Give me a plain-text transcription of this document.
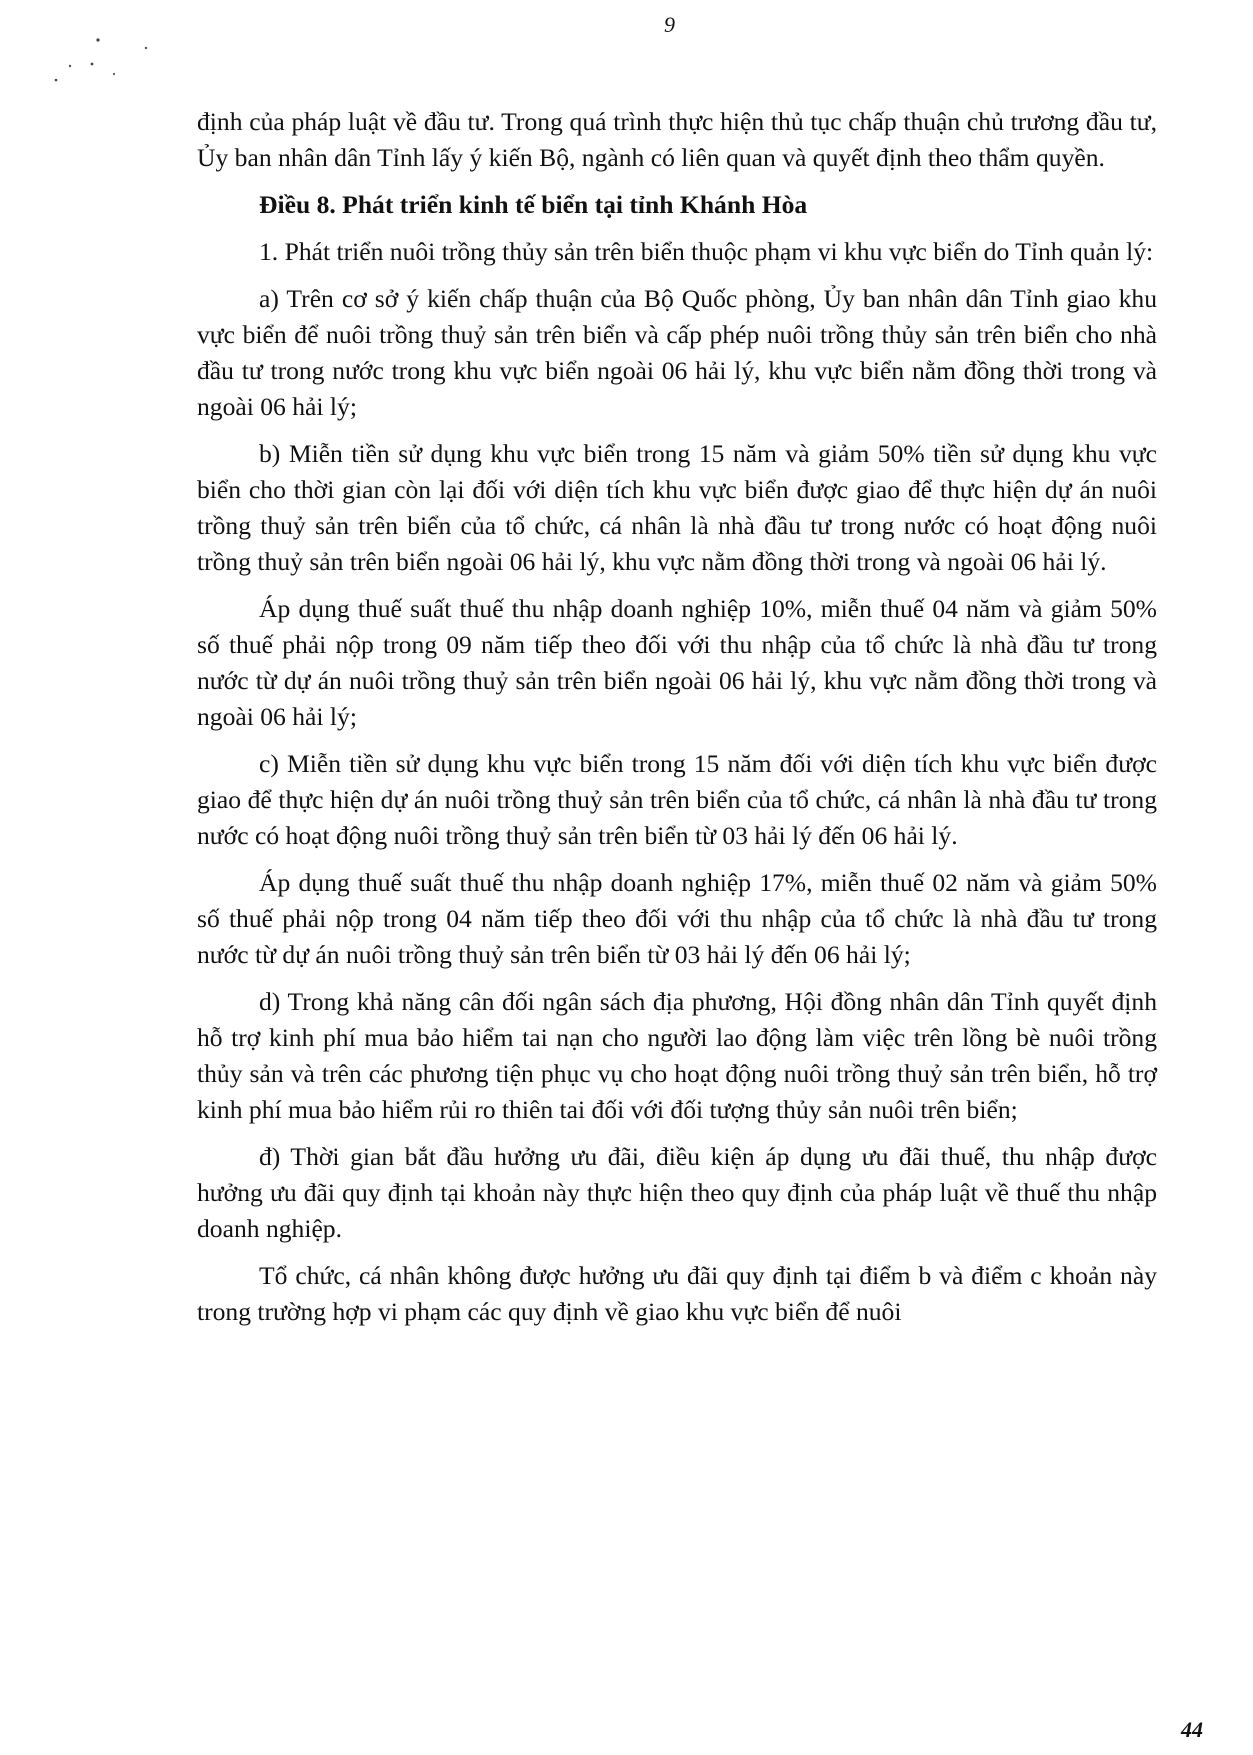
9

định của pháp luật về đầu tư. Trong quá trình thực hiện thủ tục chấp thuận chủ trương đầu tư, Ủy ban nhân dân Tỉnh lấy ý kiến Bộ, ngành có liên quan và quyết định theo thẩm quyền.

Điều 8. Phát triển kinh tế biển tại tỉnh Khánh Hòa

1. Phát triển nuôi trồng thủy sản trên biển thuộc phạm vi khu vực biển do Tỉnh quản lý:

a) Trên cơ sở ý kiến chấp thuận của Bộ Quốc phòng, Ủy ban nhân dân Tỉnh giao khu vực biển để nuôi trồng thuỷ sản trên biển và cấp phép nuôi trồng thủy sản trên biển cho nhà đầu tư trong nước trong khu vực biển ngoài 06 hải lý, khu vực biển nằm đồng thời trong và ngoài 06 hải lý;

b) Miễn tiền sử dụng khu vực biển trong 15 năm và giảm 50% tiền sử dụng khu vực biển cho thời gian còn lại đối với diện tích khu vực biển được giao để thực hiện dự án nuôi trồng thuỷ sản trên biển của tổ chức, cá nhân là nhà đầu tư trong nước có hoạt động nuôi trồng thuỷ sản trên biển ngoài 06 hải lý, khu vực nằm đồng thời trong và ngoài 06 hải lý.

Áp dụng thuế suất thuế thu nhập doanh nghiệp 10%, miễn thuế 04 năm và giảm 50% số thuế phải nộp trong 09 năm tiếp theo đối với thu nhập của tổ chức là nhà đầu tư trong nước từ dự án nuôi trồng thuỷ sản trên biển ngoài 06 hải lý, khu vực nằm đồng thời trong và ngoài 06 hải lý;

c) Miễn tiền sử dụng khu vực biển trong 15 năm đối với diện tích khu vực biển được giao để thực hiện dự án nuôi trồng thuỷ sản trên biển của tổ chức, cá nhân là nhà đầu tư trong nước có hoạt động nuôi trồng thuỷ sản trên biển từ 03 hải lý đến 06 hải lý.

Áp dụng thuế suất thuế thu nhập doanh nghiệp 17%, miễn thuế 02 năm và giảm 50% số thuế phải nộp trong 04 năm tiếp theo đối với thu nhập của tổ chức là nhà đầu tư trong nước từ dự án nuôi trồng thuỷ sản trên biển từ 03 hải lý đến 06 hải lý;

d) Trong khả năng cân đối ngân sách địa phương, Hội đồng nhân dân Tỉnh quyết định hỗ trợ kinh phí mua bảo hiểm tai nạn cho người lao động làm việc trên lồng bè nuôi trồng thủy sản và trên các phương tiện phục vụ cho hoạt động nuôi trồng thuỷ sản trên biển, hỗ trợ kinh phí mua bảo hiểm rủi ro thiên tai đối với đối tượng thủy sản nuôi trên biển;

đ) Thời gian bắt đầu hưởng ưu đãi, điều kiện áp dụng ưu đãi thuế, thu nhập được hưởng ưu đãi quy định tại khoản này thực hiện theo quy định của pháp luật về thuế thu nhập doanh nghiệp.

Tổ chức, cá nhân không được hưởng ưu đãi quy định tại điểm b và điểm c khoản này trong trường hợp vi phạm các quy định về giao khu vực biển để nuôi

44
